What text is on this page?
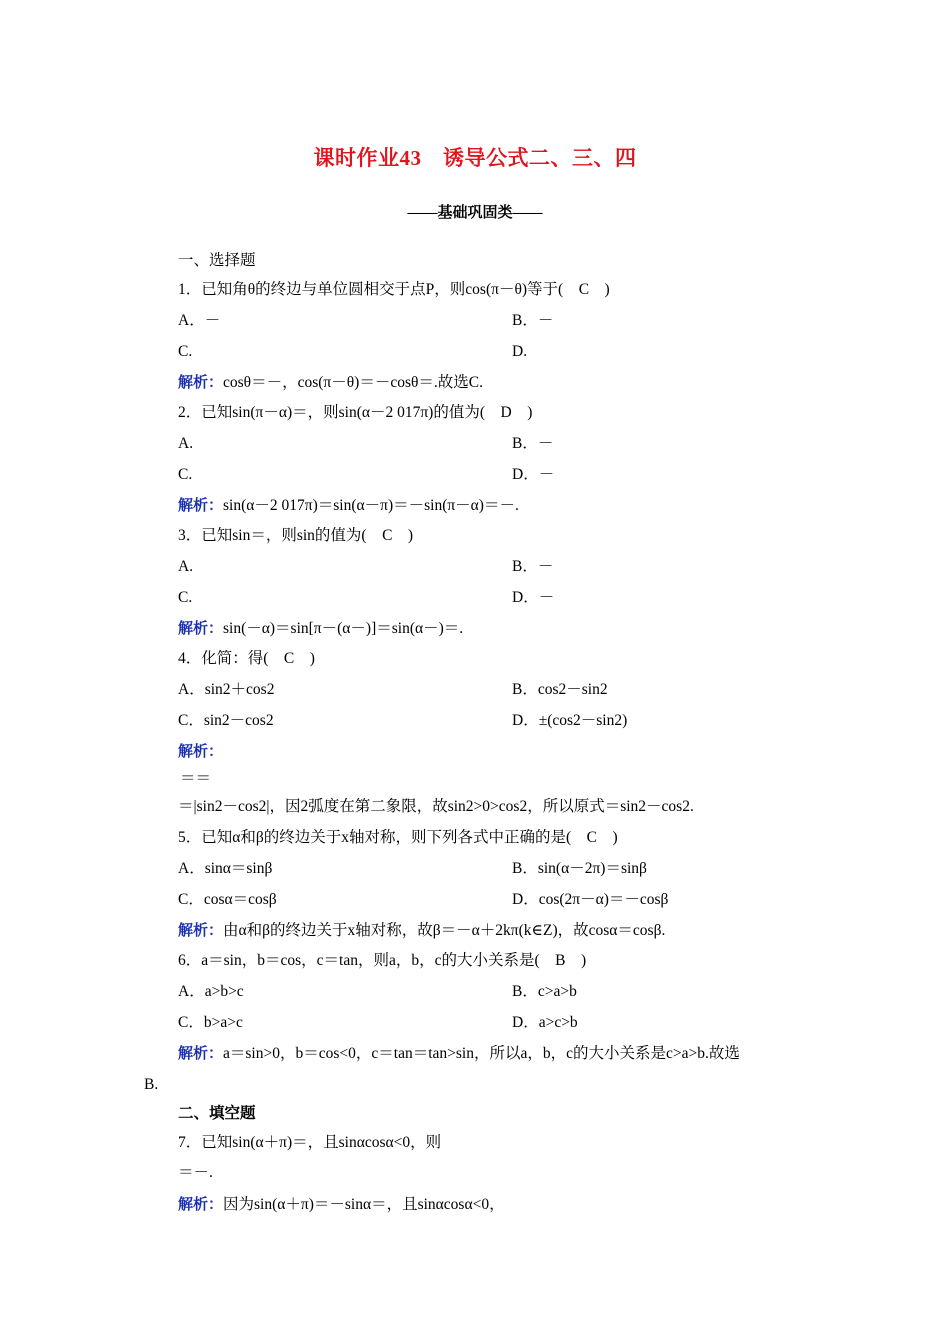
课时作业43　诱导公式二、三、四
——基础巩固类——
一、选择题
1．已知角θ的终边与单位圆相交于点P，则cos(π－θ)等于(　C　)
A．－	B．－
C.	D.
解析：cosθ＝－，cos(π－θ)＝－cosθ＝.故选C.
2．已知sin(π－α)＝，则sin(α－2 017π)的值为(　D　)
A.	B．－
C.	D．－
解析：sin(α－2 017π)＝sin(α－π)＝－sin(π－α)＝－.
3．已知sin＝，则sin的值为(　C　)
A.	B．－
C.	D．－
解析：sin(－α)＝sin[π－(α－)]＝sin(α－)＝.
4．化简：得(　C　)
A．sin2＋cos2	B．cos2－sin2
C．sin2－cos2	D．±(cos2－sin2)
解析：
＝＝
＝|sin2－cos2|，因2弧度在第二象限，故sin2>0>cos2，所以原式＝sin2－cos2.
5．已知α和β的终边关于x轴对称，则下列各式中正确的是(　C　)
A．sinα＝sinβ	B．sin(α－2π)＝sinβ
C．cosα＝cosβ	D．cos(2π－α)＝－cosβ
解析：由α和β的终边关于x轴对称，故β＝－α＋2kπ(k∈Z)，故cosα＝cosβ.
6．a＝sin，b＝cos，c＝tan，则a，b，c的大小关系是(　B　)
A．a>b>c	B．c>a>b
C．b>a>c	D．a>c>b
解析：a＝sin>0，b＝cos<0，c＝tan＝tan>sin，所以a，b，c的大小关系是c>a>b.故选
B.
二、填空题
7．已知sin(α＋π)＝，且sinαcosα<0，则
＝－.
解析：因为sin(α＋π)＝－sinα＝，且sinαcosα<0，
